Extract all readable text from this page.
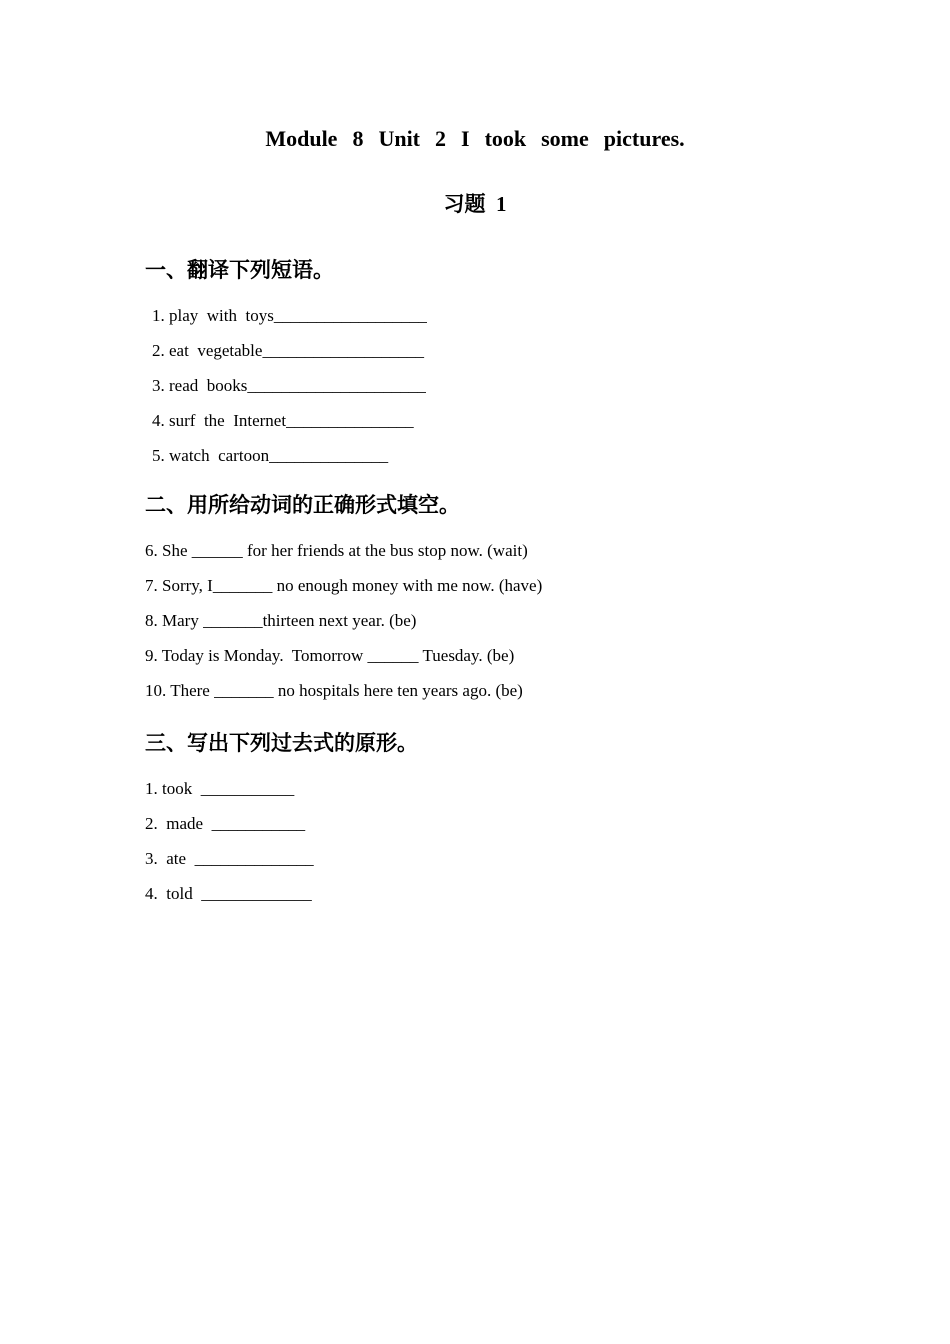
Module  8  Unit  2  I  took  some  pictures.
习题  1
一、翻译下列短语。
1. play  with  toys__________________
2. eat  vegetable___________________
3. read  books_____________________
4. surf  the  Internet_______________
5. watch  cartoon______________
二、用所给动词的正确形式填空。
6. She ______ for her friends at the bus stop now. (wait)
7. Sorry, I_______ no enough money with me now. (have)
8. Mary _______thirteen next year. (be)
9. Today is Monday.  Tomorrow ______ Tuesday. (be)
10. There _______ no hospitals here ten years ago. (be)
三、写出下列过去式的原形。
1. took  ___________
2.  made  ___________
3.  ate  ______________
4.  told  _____________
